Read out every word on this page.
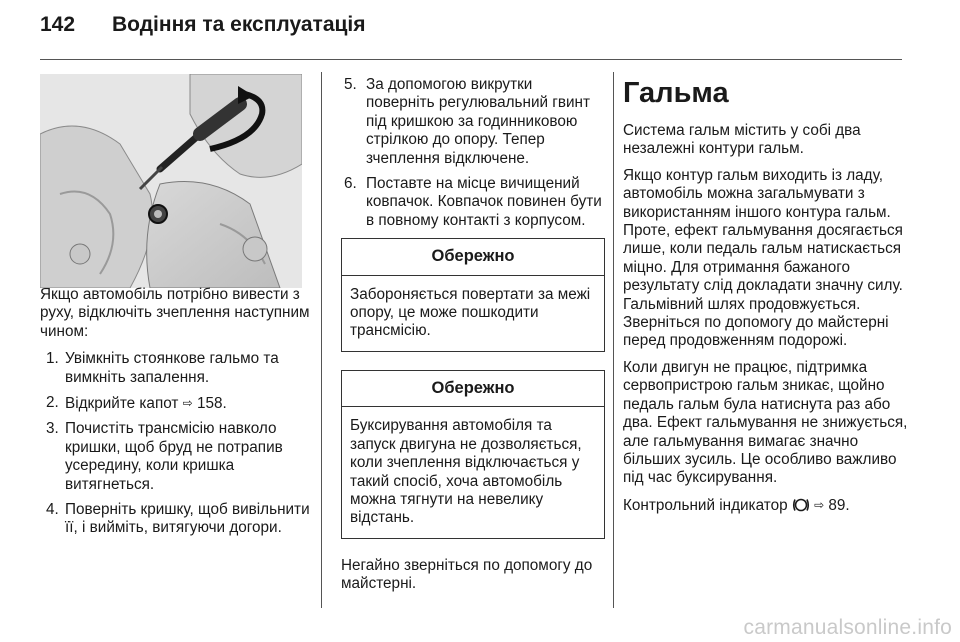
142 Водіння та експлуатація

Якщо автомобіль потрібно вивести з руху, відключіть зчеплення наступним чином:

1. Увімкніть стоянкове гальмо та вимкніть запалення.
2. Відкрийте капот ⇨ 158.
3. Почистіть трансмісію навколо кришки, щоб бруд не потрапив усередину, коли кришка витягнеться.
4. Поверніть кришку, щоб вивільнити її, і вийміть, витягуючи догори.
5. За допомогою викрутки поверніть регулювальний гвинт під кришкою за годинниковою стрілкою до опору. Тепер зчеплення відключене.
6. Поставте на місце вичищений ковпачок. Ковпачок повинен бути в повному контакті з корпусом.
Обережно
Забороняється повертати за межі опору, це може пошкодити трансмісію.
Обережно
Буксирування автомобіля та запуск двигуна не дозволяється, коли зчеплення відключається у такий спосіб, хоча автомобіль можна тягнути на невелику відстань.

Негайно зверніться по допомогу до майстерні.

Гальма

Система гальм містить у собі два незалежні контури гальм.

Якщо контур гальм виходить із ладу, автомобіль можна загальмувати з використанням іншого контура гальм. Проте, ефект гальмування досягається лише, коли педаль гальм натискається міцно. Для отримання бажаного результату слід докладати значну силу. Гальмівний шлях продовжується. Зверніться по допомогу до майстерні перед продовженням подорожі.

Коли двигун не працює, підтримка сервопристрою гальм зникає, щойно педаль гальм була натиснута раз або два. Ефект гальмування не знижується, але гальмування вимагає значно більших зусиль. Це особливо важливо під час буксирування.

Контрольний індикатор ⇨ 89.

carmanualsonline.info
